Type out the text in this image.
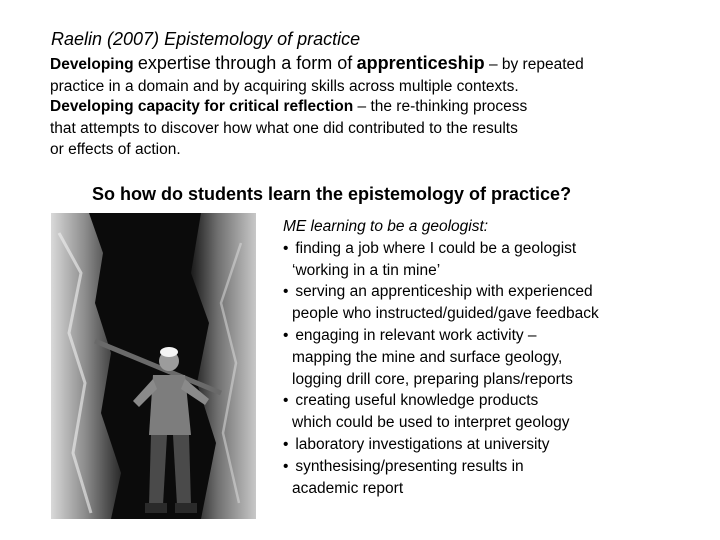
Raelin (2007) Epistemology of practice
Developing expertise through a form of apprenticeship – by repeated
practice in a domain and by acquiring skills across multiple contexts.
Developing capacity for critical reflection – the re-thinking process
that attempts to discover how what one did contributed to the results
or effects of action.
So how do students learn the epistemology of practice?
ME learning to be a geologist:
• finding a job where I could be a geologist
‘working in a tin mine’
• serving an apprenticeship with experienced
people who instructed/guided/gave feedback
• engaging in relevant work activity –
mapping the mine and surface geology,
logging drill core, preparing plans/reports
• creating useful knowledge products
which could be used to interpret geology
• laboratory investigations at university
• synthesising/presenting results in
academic report
